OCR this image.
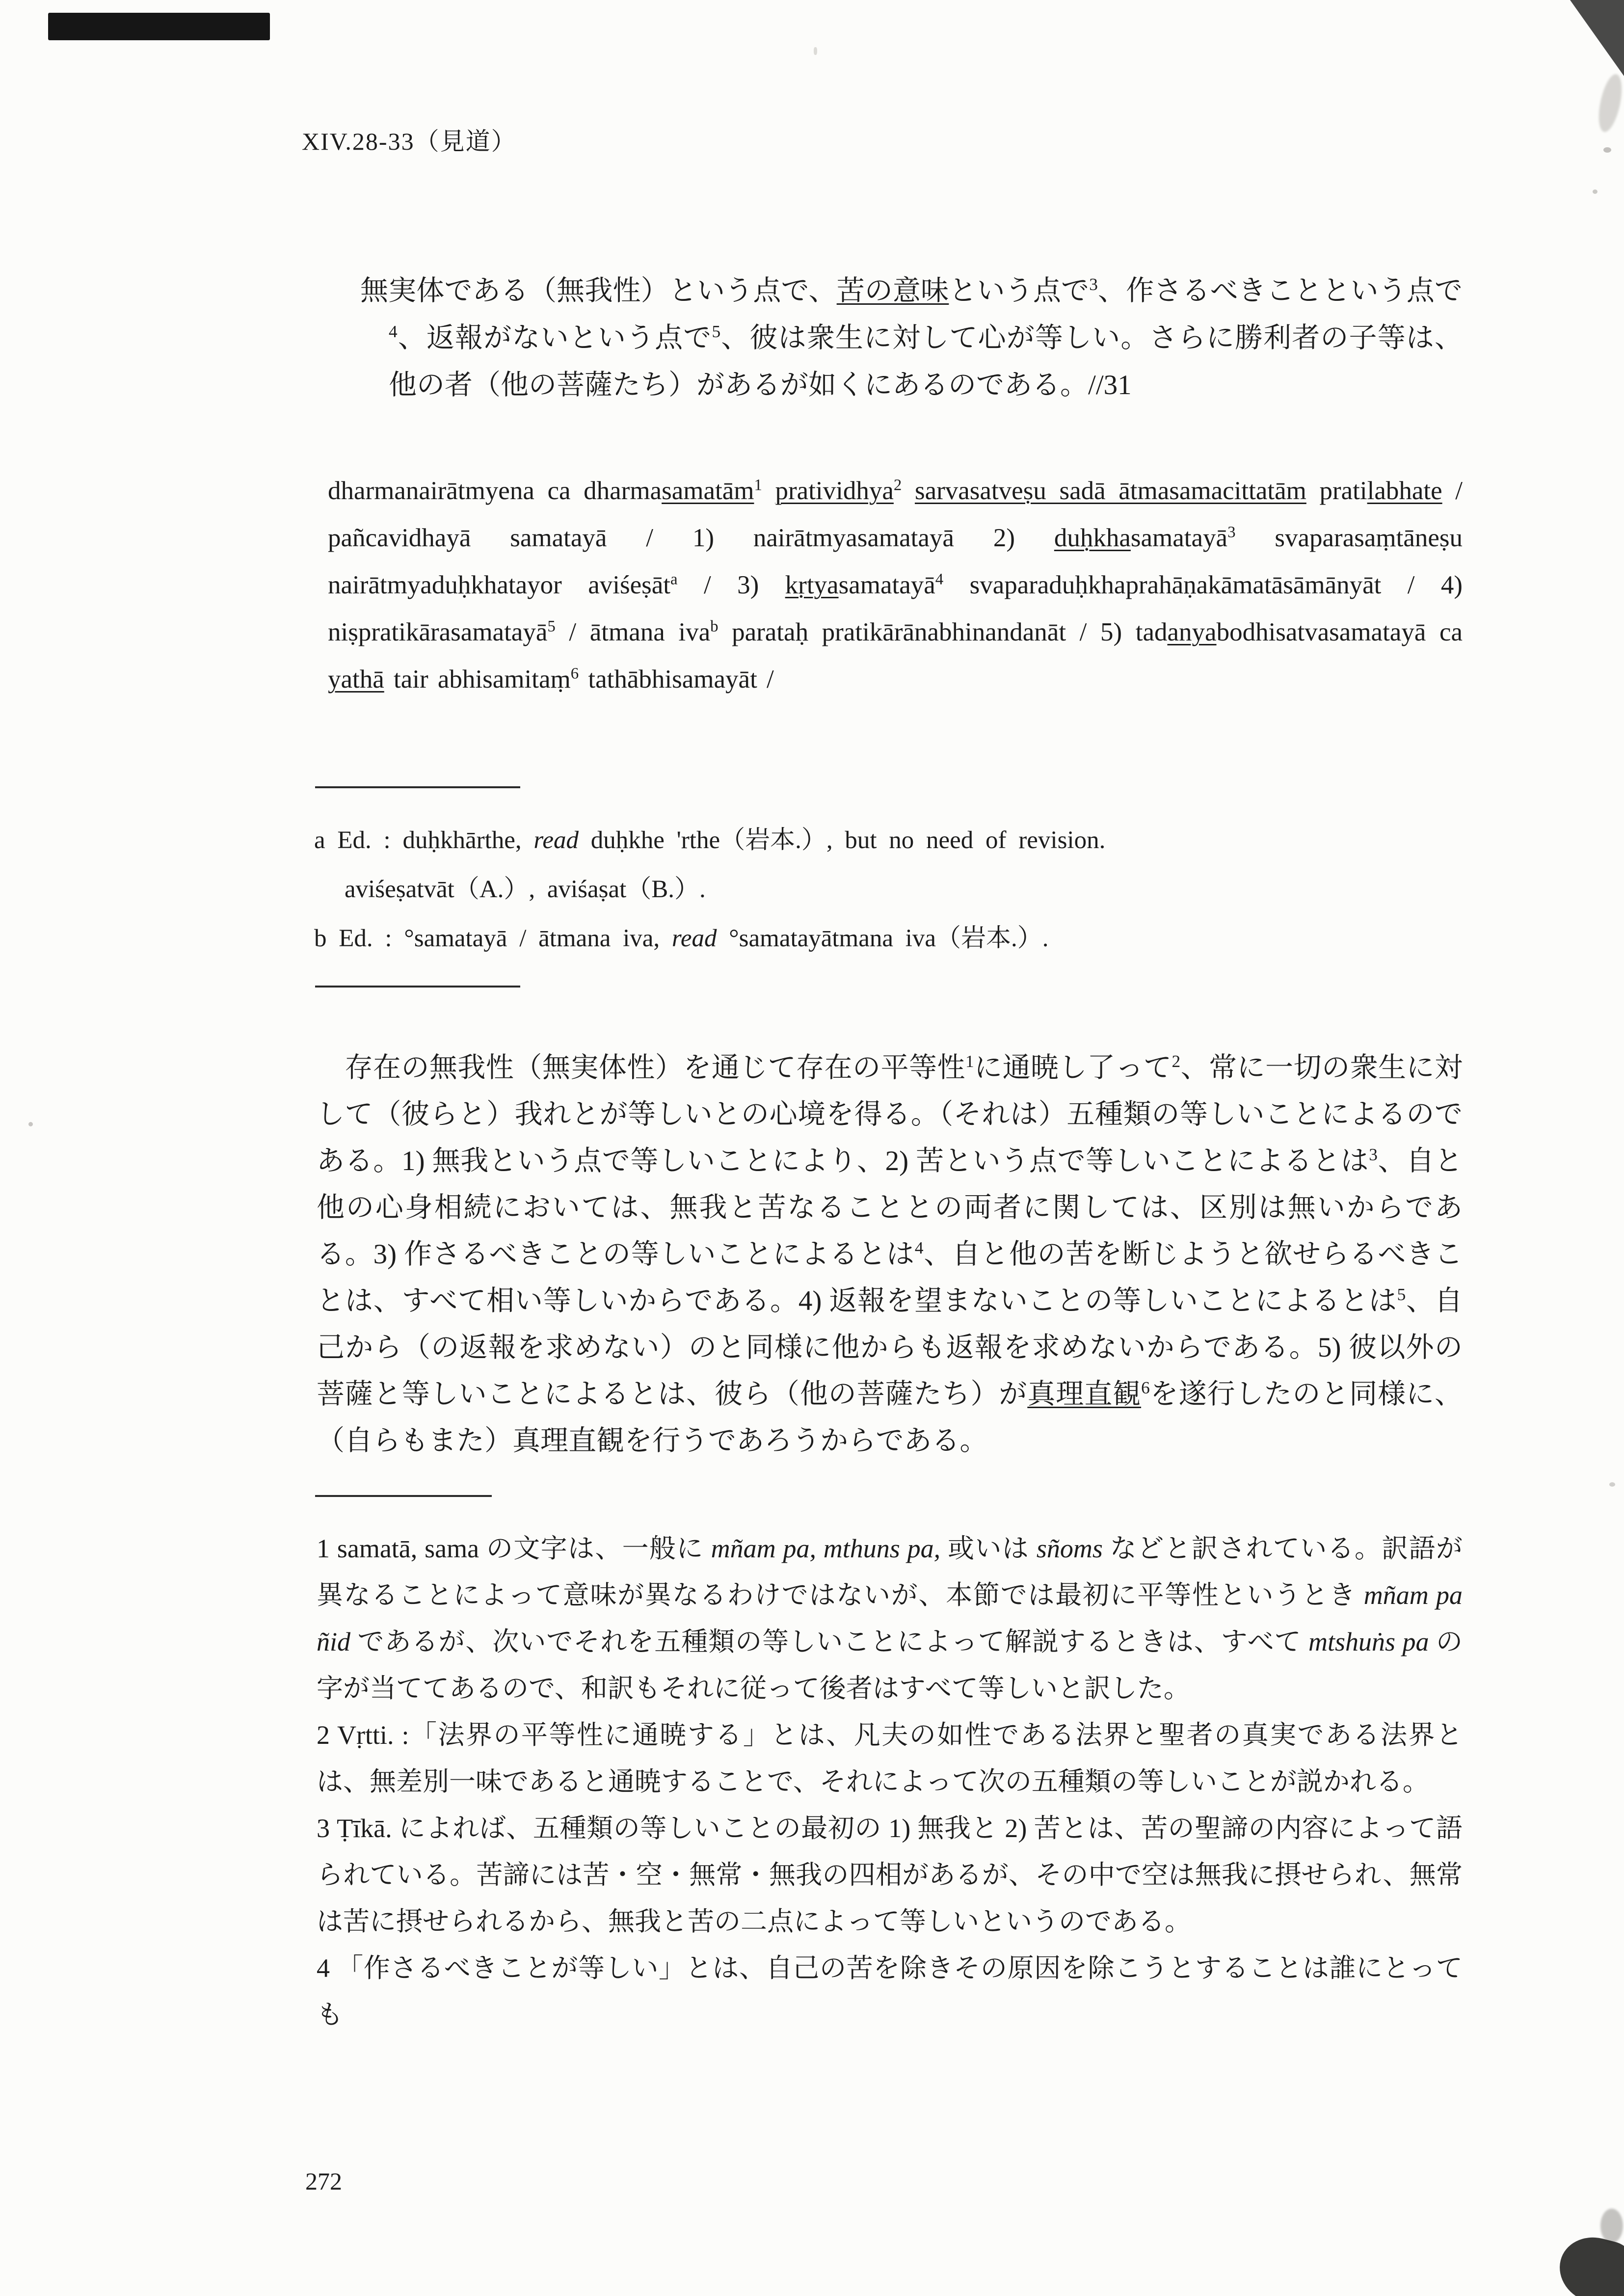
XIV.28-33（見道）
無実体である（無我性）という点で、苦の意味という点で$^3$、作さるべきことという点で$^4$、返報がないという点で$^5$、彼は衆生に対して心が等しい。さらに勝利者の子等は、他の者（他の菩薩たち）があるが如くにあるのである。//31
dharmanairātmyena ca dharmasamatām$^1$ pratividhya$^2$ sarvasatveṣu sadā ātmasamacittatām pratilabhate / pañcavidhayā samatayā / 1) nairātmyasamatayā 2) duḥkhasamatayā$^3$ svaparasaṃtāneṣu nairātmyaduḥkhatayor aviśeṣāt$^a$ / 3) kṛtyasamatayā$^4$ svaparaduḥkhaprahāṇakāmatāsāmānyāt / 4) niṣpratikārasamatayā$^5$ / ātmana iva$^b$ parataḥ pratikārānabhinandanāt / 5) tadanyabodhisatvasamatayā ca yathā tair abhisamitaṃ$^6$ tathābhisamayāt /

a Ed. : duḥkhārthe, read duḥkhe 'rthe（岩本.）, but no need of revision.

aviśeṣatvāt（A.）, aviśaṣat（B.）.

b Ed. : °samatayā / ātmana iva, read °samatayātmana iva（岩本.）.

　存在の無我性（無実体性）を通じて存在の平等性$^1$に通暁し了って$^2$、常に一切の衆生に対して（彼らと）我れとが等しいとの心境を得る。（それは）五種類の等しいことによるのである。1) 無我という点で等しいことにより、2) 苦という点で等しいことによるとは$^3$、自と他の心身相続においては、無我と苦なることとの両者に関しては、区別は無いからである。3) 作さるべきことの等しいことによるとは$^4$、自と他の苦を断じようと欲せらるべきことは、すべて相い等しいからである。4) 返報を望まないことの等しいことによるとは$^5$、自己から（の返報を求めない）のと同様に他からも返報を求めないからである。5) 彼以外の菩薩と等しいことによるとは、彼ら（他の菩薩たち）が真理直観$^6$を遂行したのと同様に、（自らもまた）真理直観を行うであろうからである。

1 samatā, sama の文字は、一般に mñam pa, mthuns pa, 或いは sñoms などと訳されている。訳語が異なることによって意味が異なるわけではないが、本節では最初に平等性というとき mñam pa ñid であるが、次いでそれを五種類の等しいことによって解説するときは、すべて mtshuṅs pa の字が当ててあるので、和訳もそれに従って後者はすべて等しいと訳した。

2 Vṛtti. :「法界の平等性に通暁する」とは、凡夫の如性である法界と聖者の真実である法界とは、無差別一味であると通暁することで、それによって次の五種類の等しいことが説かれる。

3 Ṭīkā. によれば、五種類の等しいことの最初の 1) 無我と 2) 苦とは、苦の聖諦の内容によって語られている。苦諦には苦・空・無常・無我の四相があるが、その中で空は無我に摂せられ、無常は苦に摂せられるから、無我と苦の二点によって等しいというのである。

4 「作さるべきことが等しい」とは、自己の苦を除きその原因を除こうとすることは誰にとっても

272
